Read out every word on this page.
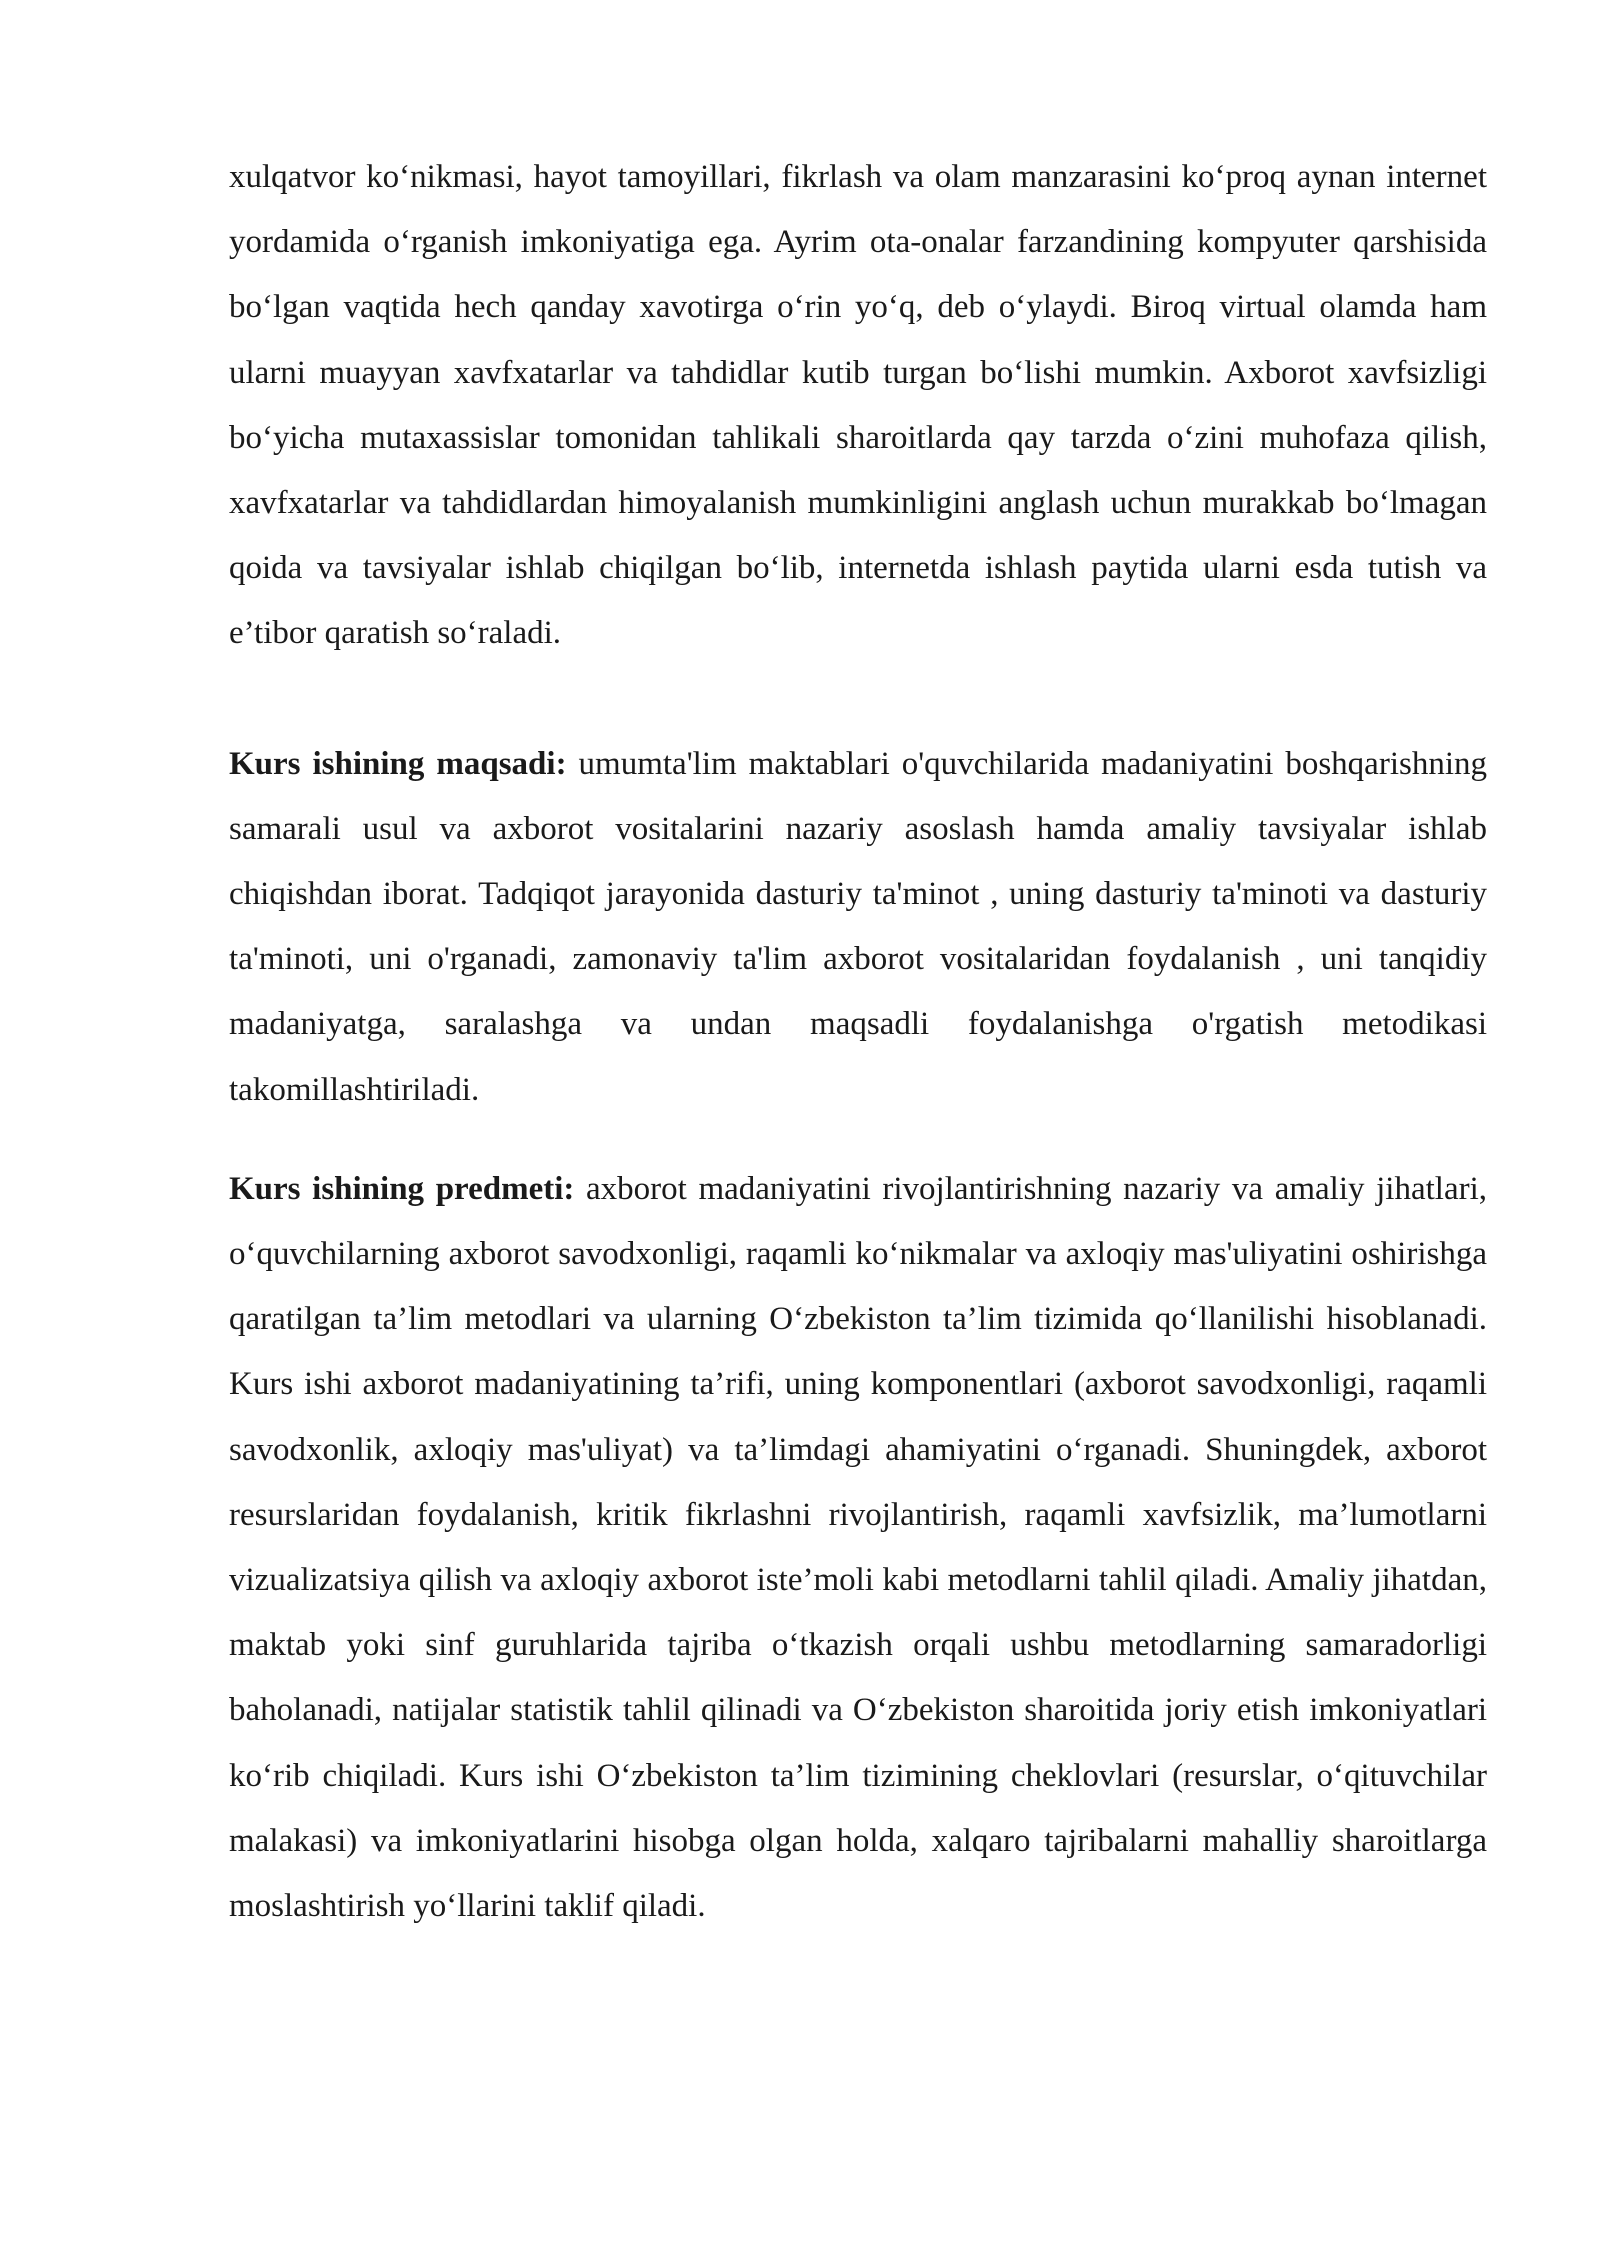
xulqatvor ko‘nikmasi, hayot tamoyillari, fikrlash va olam manzarasini ko‘proq aynan internet yordamida o‘rganish imkoniyatiga ega. Ayrim ota-onalar farzandining kompyuter qarshisida bo‘lgan vaqtida hech qanday xavotirga o‘rin yo‘q, deb o‘ylaydi. Biroq virtual olamda ham ularni muayyan xavfxatarlar va tahdidlar kutib turgan bo‘lishi mumkin. Axborot xavfsizligi bo‘yicha mutaxassislar tomonidan tahlikali sharoitlarda qay tarzda o‘zini muhofaza qilish, xavfxatarlar va tahdidlardan himoyalanish mumkinligini anglash uchun murakkab bo‘lmagan qoida va tavsiyalar ishlab chiqilgan bo‘lib, internetda ishlash paytida ularni esda tutish va e’tibor qaratish so‘raladi.

Kurs ishining maqsadi: umumta'lim maktablari o'quvchilarida madaniyatini boshqarishning samarali usul va axborot vositalarini nazariy asoslash hamda amaliy tavsiyalar ishlab chiqishdan iborat. Tadqiqot jarayonida dasturiy ta'minot , uning dasturiy ta'minoti va dasturiy ta'minoti, uni o'rganadi, zamonaviy ta'lim axborot vositalaridan foydalanish , uni tanqidiy madaniyatga, saralashga va undan maqsadli foydalanishga o'rgatish metodikasi takomillashtiriladi.

Kurs ishining predmeti: axborot madaniyatini rivojlantirishning nazariy va amaliy jihatlari, o‘quvchilarning axborot savodxonligi, raqamli ko‘nikmalar va axloqiy mas'uliyatini oshirishga qaratilgan ta’lim metodlari va ularning O‘zbekiston ta’lim tizimida qo‘llanilishi hisoblanadi. Kurs ishi axborot madaniyatining ta’rifi, uning komponentlari (axborot savodxonligi, raqamli savodxonlik, axloqiy mas'uliyat) va ta’limdagi ahamiyatini o‘rganadi. Shuningdek, axborot resurslaridan foydalanish, kritik fikrlashni rivojlantirish, raqamli xavfsizlik, ma’lumotlarni vizualizatsiya qilish va axloqiy axborot iste’moli kabi metodlarni tahlil qiladi. Amaliy jihatdan, maktab yoki sinf guruhlarida tajriba o‘tkazish orqali ushbu metodlarning samaradorligi baholanadi, natijalar statistik tahlil qilinadi va O‘zbekiston sharoitida joriy etish imkoniyatlari ko‘rib chiqiladi. Kurs ishi O‘zbekiston ta’lim tizimining cheklovlari (resurslar, o‘qituvchilar malakasi) va imkoniyatlarini hisobga olgan holda, xalqaro tajribalarni mahalliy sharoitlarga moslashtirish yo‘llarini taklif qiladi.
